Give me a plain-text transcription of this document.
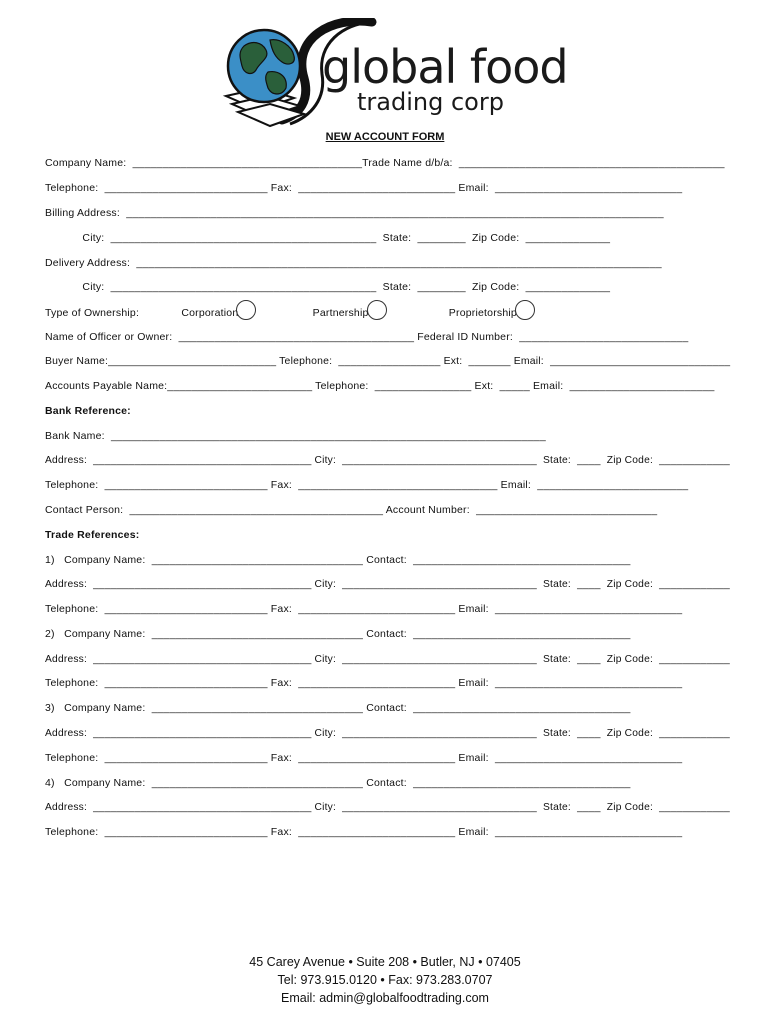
global food
trading corp
NEW ACCOUNT FORM
Company Name:  ______________________________________Trade Name d/b/a:  ____________________________________________
Telephone:  ___________________________ Fax:  __________________________ Email:  _______________________________
Billing Address:  _________________________________________________________________________________________
City:  ____________________________________________  State:  ________  Zip Code:  ______________
Delivery Address:  _______________________________________________________________________________________
City:  ____________________________________________  State:  ________  Zip Code:  ______________
Type of Ownership:	Corporation	Partnership	Proprietorship
Name of Officer or Owner:  _______________________________________ Federal ID Number:  ____________________________
Buyer Name:____________________________ Telephone:  _________________ Ext:  _______ Email:  ______________________________
Accounts Payable Name:________________________ Telephone:  ________________ Ext:  _____ Email:  ________________________
Bank Reference:
Bank Name:  ________________________________________________________________________
Address:  _____________________________________ City:  _________________________________  State:  ____  Zip Code:  ____________
Telephone:  ___________________________ Fax:  _________________________________ Email:  _________________________
Contact Person:  __________________________________________ Account Number:  ______________________________
Trade References:
1)   Company Name:  ___________________________________ Contact:  ____________________________________
Address:  _____________________________________ City:  _________________________________  State:  ____  Zip Code:  ____________
Telephone:  ___________________________ Fax:  __________________________ Email:  _______________________________
2)   Company Name:  ___________________________________ Contact:  ____________________________________
Address:  _____________________________________ City:  _________________________________  State:  ____  Zip Code:  ____________
Telephone:  ___________________________ Fax:  __________________________ Email:  _______________________________
3)   Company Name:  ___________________________________ Contact:  ____________________________________
Address:  _____________________________________ City:  _________________________________  State:  ____  Zip Code:  ____________
Telephone:  ___________________________ Fax:  __________________________ Email:  _______________________________
4)   Company Name:  ___________________________________ Contact:  ____________________________________
Address:  _____________________________________ City:  _________________________________  State:  ____  Zip Code:  ____________
Telephone:  ___________________________ Fax:  __________________________ Email:  _______________________________
45 Carey Avenue • Suite 208 • Butler, NJ • 07405
Tel: 973.915.0120 • Fax: 973.283.0707
Email: admin@globalfoodtrading.com
